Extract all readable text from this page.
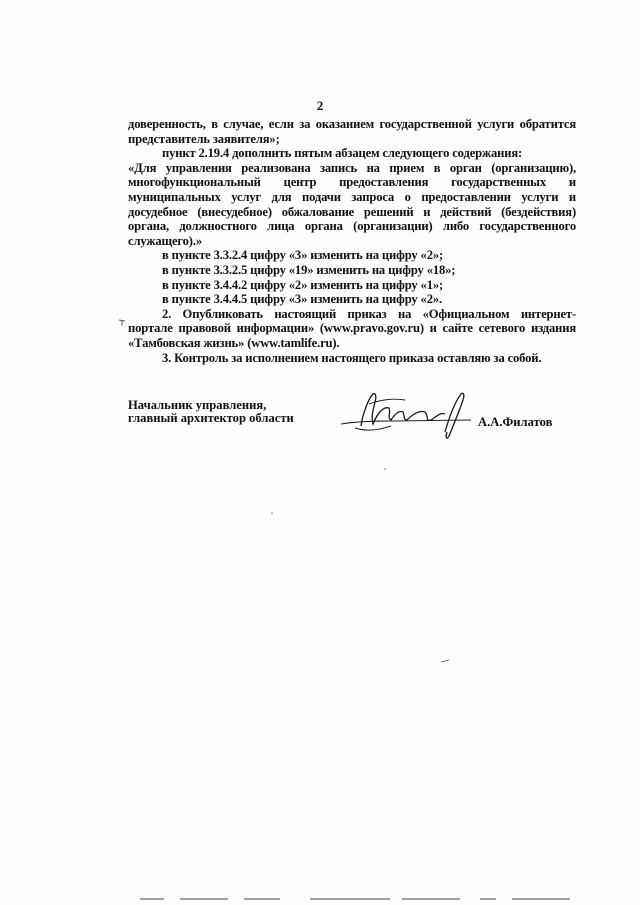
2

доверенность, в случае, если за оказанием государственной услуги обратится
представитель заявителя»;

пункт 2.19.4 дополнить пятым абзацем следующего содержания:

«Для управления реализована запись на прием в орган (организацию),
многофункциональный центр предоставления государственных и
муниципальных услуг для подачи запроса о предоставлении услуги и
досудебное (внесудебное) обжалование решений и действий (бездействия)
органа, должностного лица органа (организации) либо государственного
служащего).»

в пункте 3.3.2.4 цифру «3» изменить на цифру «2»;

в пункте 3.3.2.5 цифру «19» изменить на цифру «18»;

в пункте 3.4.4.2 цифру «2» изменить на цифру «1»;

в пункте 3.4.4.5 цифру «3» изменить на цифру «2».

2. Опубликовать настоящий приказ на «Официальном интернет-
портале правовой информации» (www.pravo.gov.ru) и сайте сетевого издания
«Тамбовская жизнь» (www.tamlife.ru).

3. Контроль за исполнением настоящего приказа оставляю за собой.

Начальник управления,
главный архитектор области	А.А.Филатов
